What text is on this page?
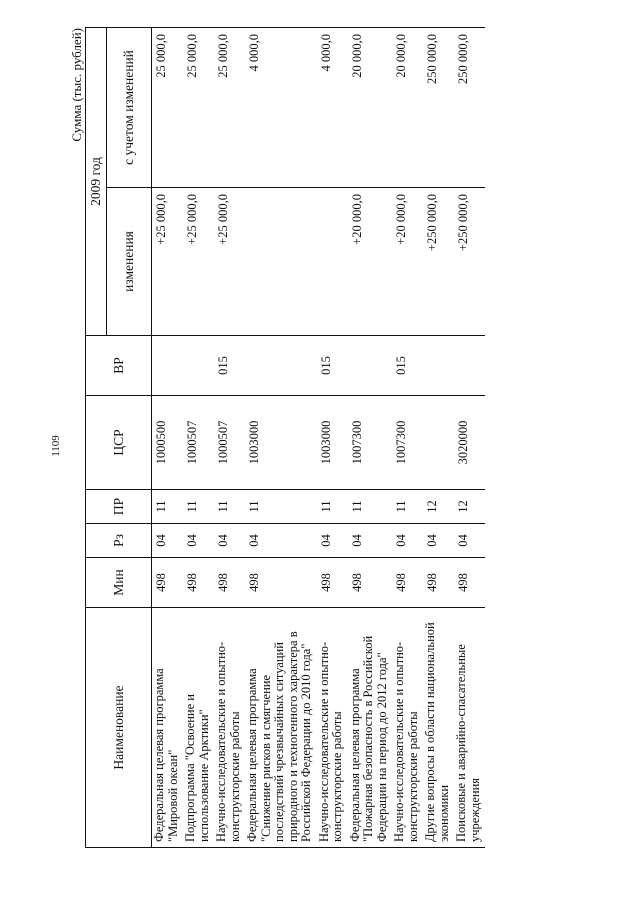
1109
Сумма (тыс. рублей)
Наименование	Мин	Рз	ПР	ЦСР	ВР	2009 год	
						изменения	с учетом изменений
Федеральная целевая программа "Мировой океан"	498	04	11	1000500		+25 000,0	25 000,0
Подпрограмма "Освоение и использование Арктики"	498	04	11	1000507		+25 000,0	25 000,0
Научно-исследовательские и опытно-конструкторские работы	498	04	11	1000507	015	+25 000,0	25 000,0
Федеральная целевая программа "Снижение рисков и смягчение последствий чрезвычайных ситуаций природного и техногенного характера в Российской Федерации до 2010 года"	498	04	11	1003000			4 000,0
Научно-исследовательские и опытно-конструкторские работы	498	04	11	1003000	015		4 000,0
Федеральная целевая программа "Пожарная безопасность в Российской Федерации на период до 2012 года"	498	04	11	1007300		+20 000,0	20 000,0
Научно-исследовательские и опытно-конструкторские работы	498	04	11	1007300	015	+20 000,0	20 000,0
Другие вопросы в области национальной экономики	498	04	12			+250 000,0	250 000,0
Поисковые и аварийно-спасательные учреждения	498	04	12	3020000		+250 000,0	250 000,0
